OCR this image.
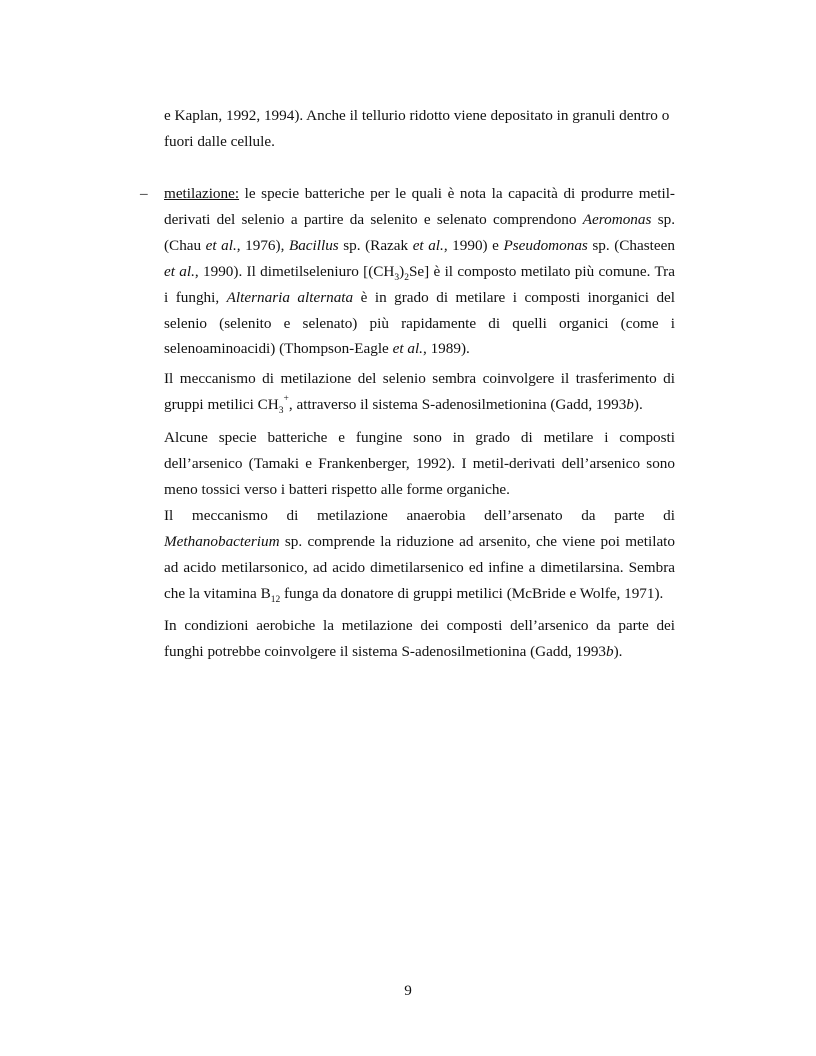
e Kaplan, 1992, 1994). Anche il tellurio ridotto viene depositato in granuli dentro o
fuori dalle cellule.
– metilazione: le specie batteriche per le quali è nota la capacità di produrre metil-derivati del selenio a partire da selenito e selenato comprendono Aeromonas sp. (Chau et al., 1976), Bacillus sp. (Razak et al., 1990) e Pseudomonas sp. (Chasteen et al., 1990). Il dimetilseleniuro $[(CH_3)_2Se]$ è il composto metilato più comune. Tra i funghi, Alternaria alternata è in grado di metilare i composti inorganici del selenio (selenito e selenato) più rapidamente di quelli organici (come i selenoaminoacidi) (Thompson-Eagle et al., 1989).
Il meccanismo di metilazione del selenio sembra coinvolgere il trasferimento di gruppi metilici $CH_3^+$, attraverso il sistema S-adenosilmetionina (Gadd, 1993b).
Alcune specie batteriche e fungine sono in grado di metilare i composti dell’arsenico (Tamaki e Frankenberger, 1992). I metil-derivati dell’arsenico sono meno tossici verso i batteri rispetto alle forme organiche.
Il meccanismo di metilazione anaerobia dell’arsenato da parte di Methanobacterium sp. comprende la riduzione ad arsenito, che viene poi metilato ad acido metilarsonico, ad acido dimetilarsenico ed infine a dimetilarsina. Sembra che la vitamina $B_{12}$ funga da donatore di gruppi metilici (McBride e Wolfe, 1971).
In condizioni aerobiche la metilazione dei composti dell’arsenico da parte dei funghi potrebbe coinvolgere il sistema S-adenosilmetionina (Gadd, 1993b).
9
